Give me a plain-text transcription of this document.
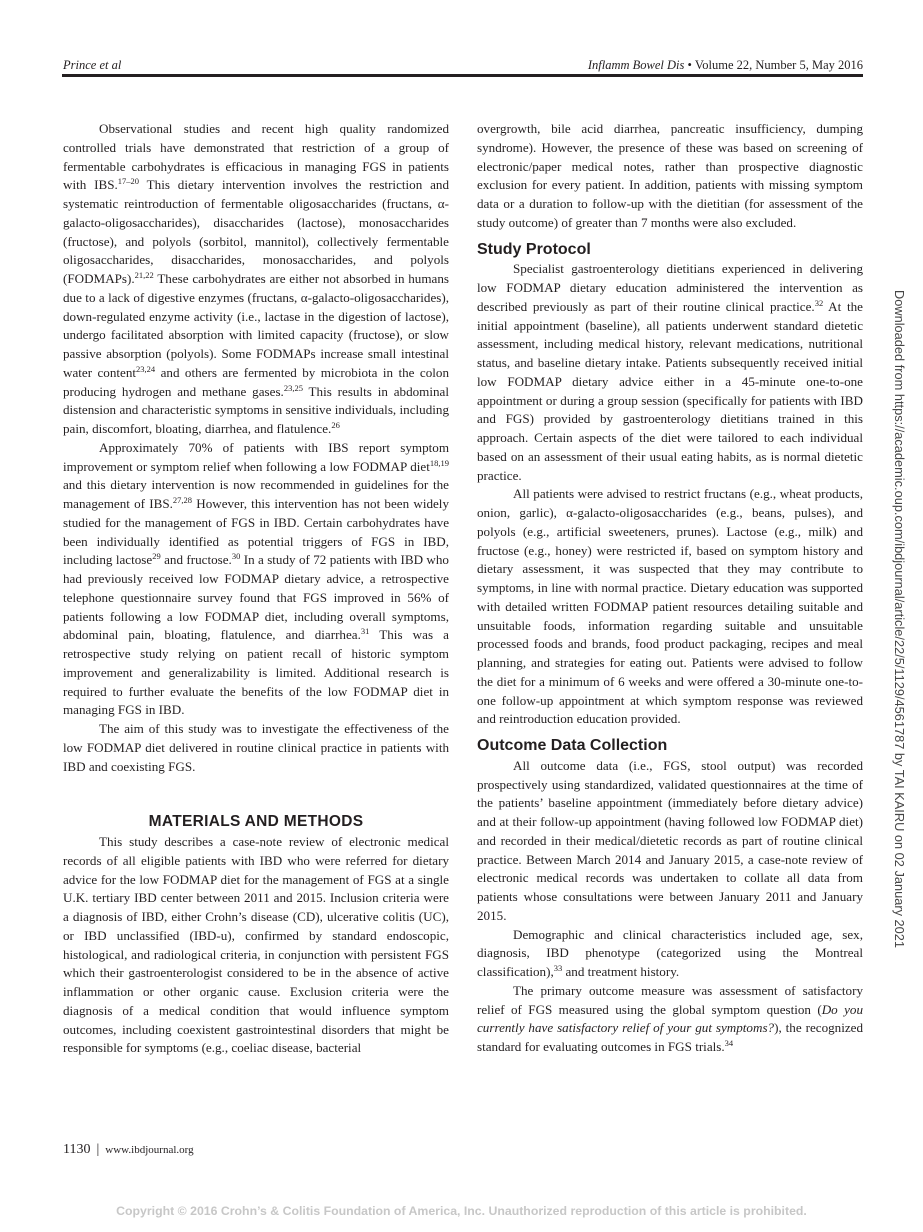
Prince et al	Inflamm Bowel Dis • Volume 22, Number 5, May 2016

Observational studies and recent high quality randomized controlled trials have demonstrated that restriction of a group of fermentable carbohydrates is efficacious in managing FGS in patients with IBS.$^{17-20}$ This dietary intervention involves the restriction and systematic reintroduction of fermentable oligosaccharides (fructans, α-galacto-oligosaccharides), disaccharides (lactose), monosaccharides (fructose), and polyols (sorbitol, mannitol), collectively fermentable oligosaccharides, disaccharides, monosaccharides, and polyols (FODMAPs).$^{21,22}$ These carbohydrates are either not absorbed in humans due to a lack of digestive enzymes (fructans, α-galacto-oligosaccharides), down-regulated enzyme activity (i.e., lactase in the digestion of lactose), undergo facilitated absorption with limited capacity (fructose), or slow passive absorption (polyols). Some FODMAPs increase small intestinal water content$^{23,24}$ and others are fermented by microbiota in the colon producing hydrogen and methane gases.$^{23,25}$ This results in abdominal distension and characteristic symptoms in sensitive individuals, including pain, discomfort, bloating, diarrhea, and flatulence.$^{26}$

Approximately 70% of patients with IBS report symptom improvement or symptom relief when following a low FODMAP diet$^{18,19}$ and this dietary intervention is now recommended in guidelines for the management of IBS.$^{27,28}$ However, this intervention has not been widely studied for the management of FGS in IBD. Certain carbohydrates have been individually identified as potential triggers of FGS in IBD, including lactose$^{29}$ and fructose.$^{30}$ In a study of 72 patients with IBD who had previously received low FODMAP dietary advice, a retrospective telephone questionnaire survey found that FGS improved in 56% of patients following a low FODMAP diet, including overall symptoms, abdominal pain, bloating, flatulence, and diarrhea.$^{31}$ This was a retrospective study relying on patient recall of historic symptom improvement and generalizability is limited. Additional research is required to further evaluate the benefits of the low FODMAP diet in managing FGS in IBD.

The aim of this study was to investigate the effectiveness of the low FODMAP diet delivered in routine clinical practice in patients with IBD and coexisting FGS.

MATERIALS AND METHODS

This study describes a case-note review of electronic medical records of all eligible patients with IBD who were referred for dietary advice for the low FODMAP diet for the management of FGS at a single U.K. tertiary IBD center between 2011 and 2015. Inclusion criteria were a diagnosis of IBD, either Crohn’s disease (CD), ulcerative colitis (UC), or IBD unclassified (IBD-u), confirmed by standard endoscopic, histological, and radiological criteria, in conjunction with persistent FGS which their gastroenterologist considered to be in the absence of active inflammation or other organic cause. Exclusion criteria were the diagnosis of a medical condition that would influence symptom outcomes, including coexistent gastrointestinal disorders that might be responsible for symptoms (e.g., coeliac disease, bacterial

overgrowth, bile acid diarrhea, pancreatic insufficiency, dumping syndrome). However, the presence of these was based on screening of electronic/paper medical notes, rather than prospective diagnostic exclusion for every patient. In addition, patients with missing symptom data or a duration to follow-up with the dietitian (for assessment of the study outcome) of greater than 7 months were also excluded.

Study Protocol

Specialist gastroenterology dietitians experienced in delivering low FODMAP dietary education administered the intervention as described previously as part of their routine clinical practice.$^{32}$ At the initial appointment (baseline), all patients underwent standard dietetic assessment, including medical history, relevant medications, nutritional status, and baseline dietary intake. Patients subsequently received initial low FODMAP dietary advice either in a 45-minute one-to-one appointment or during a group session (specifically for patients with IBD and FGS) provided by gastroenterology dietitians trained in this approach. Certain aspects of the diet were tailored to each individual based on an assessment of their usual eating habits, as is normal dietetic practice.

All patients were advised to restrict fructans (e.g., wheat products, onion, garlic), α-galacto-oligosaccharides (e.g., beans, pulses), and polyols (e.g., artificial sweeteners, prunes). Lactose (e.g., milk) and fructose (e.g., honey) were restricted if, based on symptom history and dietary assessment, it was suspected that they may contribute to symptoms, in line with normal practice. Dietary education was supported with detailed written FODMAP patient resources detailing suitable and unsuitable foods, information regarding suitable and unsuitable processed foods and brands, food product packaging, recipes and meal planning, and strategies for eating out. Patients were advised to follow the diet for a minimum of 6 weeks and were offered a 30-minute one-to-one follow-up appointment at which symptom response was reviewed and reintroduction education provided.

Outcome Data Collection

All outcome data (i.e., FGS, stool output) was recorded prospectively using standardized, validated questionnaires at the time of the patients’ baseline appointment (immediately before dietary advice) and at their follow-up appointment (having followed low FODMAP diet) and recorded in their medical/dietetic records as part of routine clinical practice. Between March 2014 and January 2015, a case-note review of electronic medical records was undertaken to collate all data from patients whose consultations were between January 2011 and January 2015.

Demographic and clinical characteristics included age, sex, diagnosis, IBD phenotype (categorized using the Montreal classification),$^{33}$ and treatment history.

The primary outcome measure was assessment of satisfactory relief of FGS measured using the global symptom question (Do you currently have satisfactory relief of your gut symptoms?), the recognized standard for evaluating outcomes in FGS trials.$^{34}$

1130 | www.ibdjournal.org
Downloaded from https://academic.oup.com/ibdjournal/article/22/5/1129/4561787 by TAI KAIRU on 02 January 2021
Copyright © 2016 Crohn’s & Colitis Foundation of America, Inc. Unauthorized reproduction of this article is prohibited.
